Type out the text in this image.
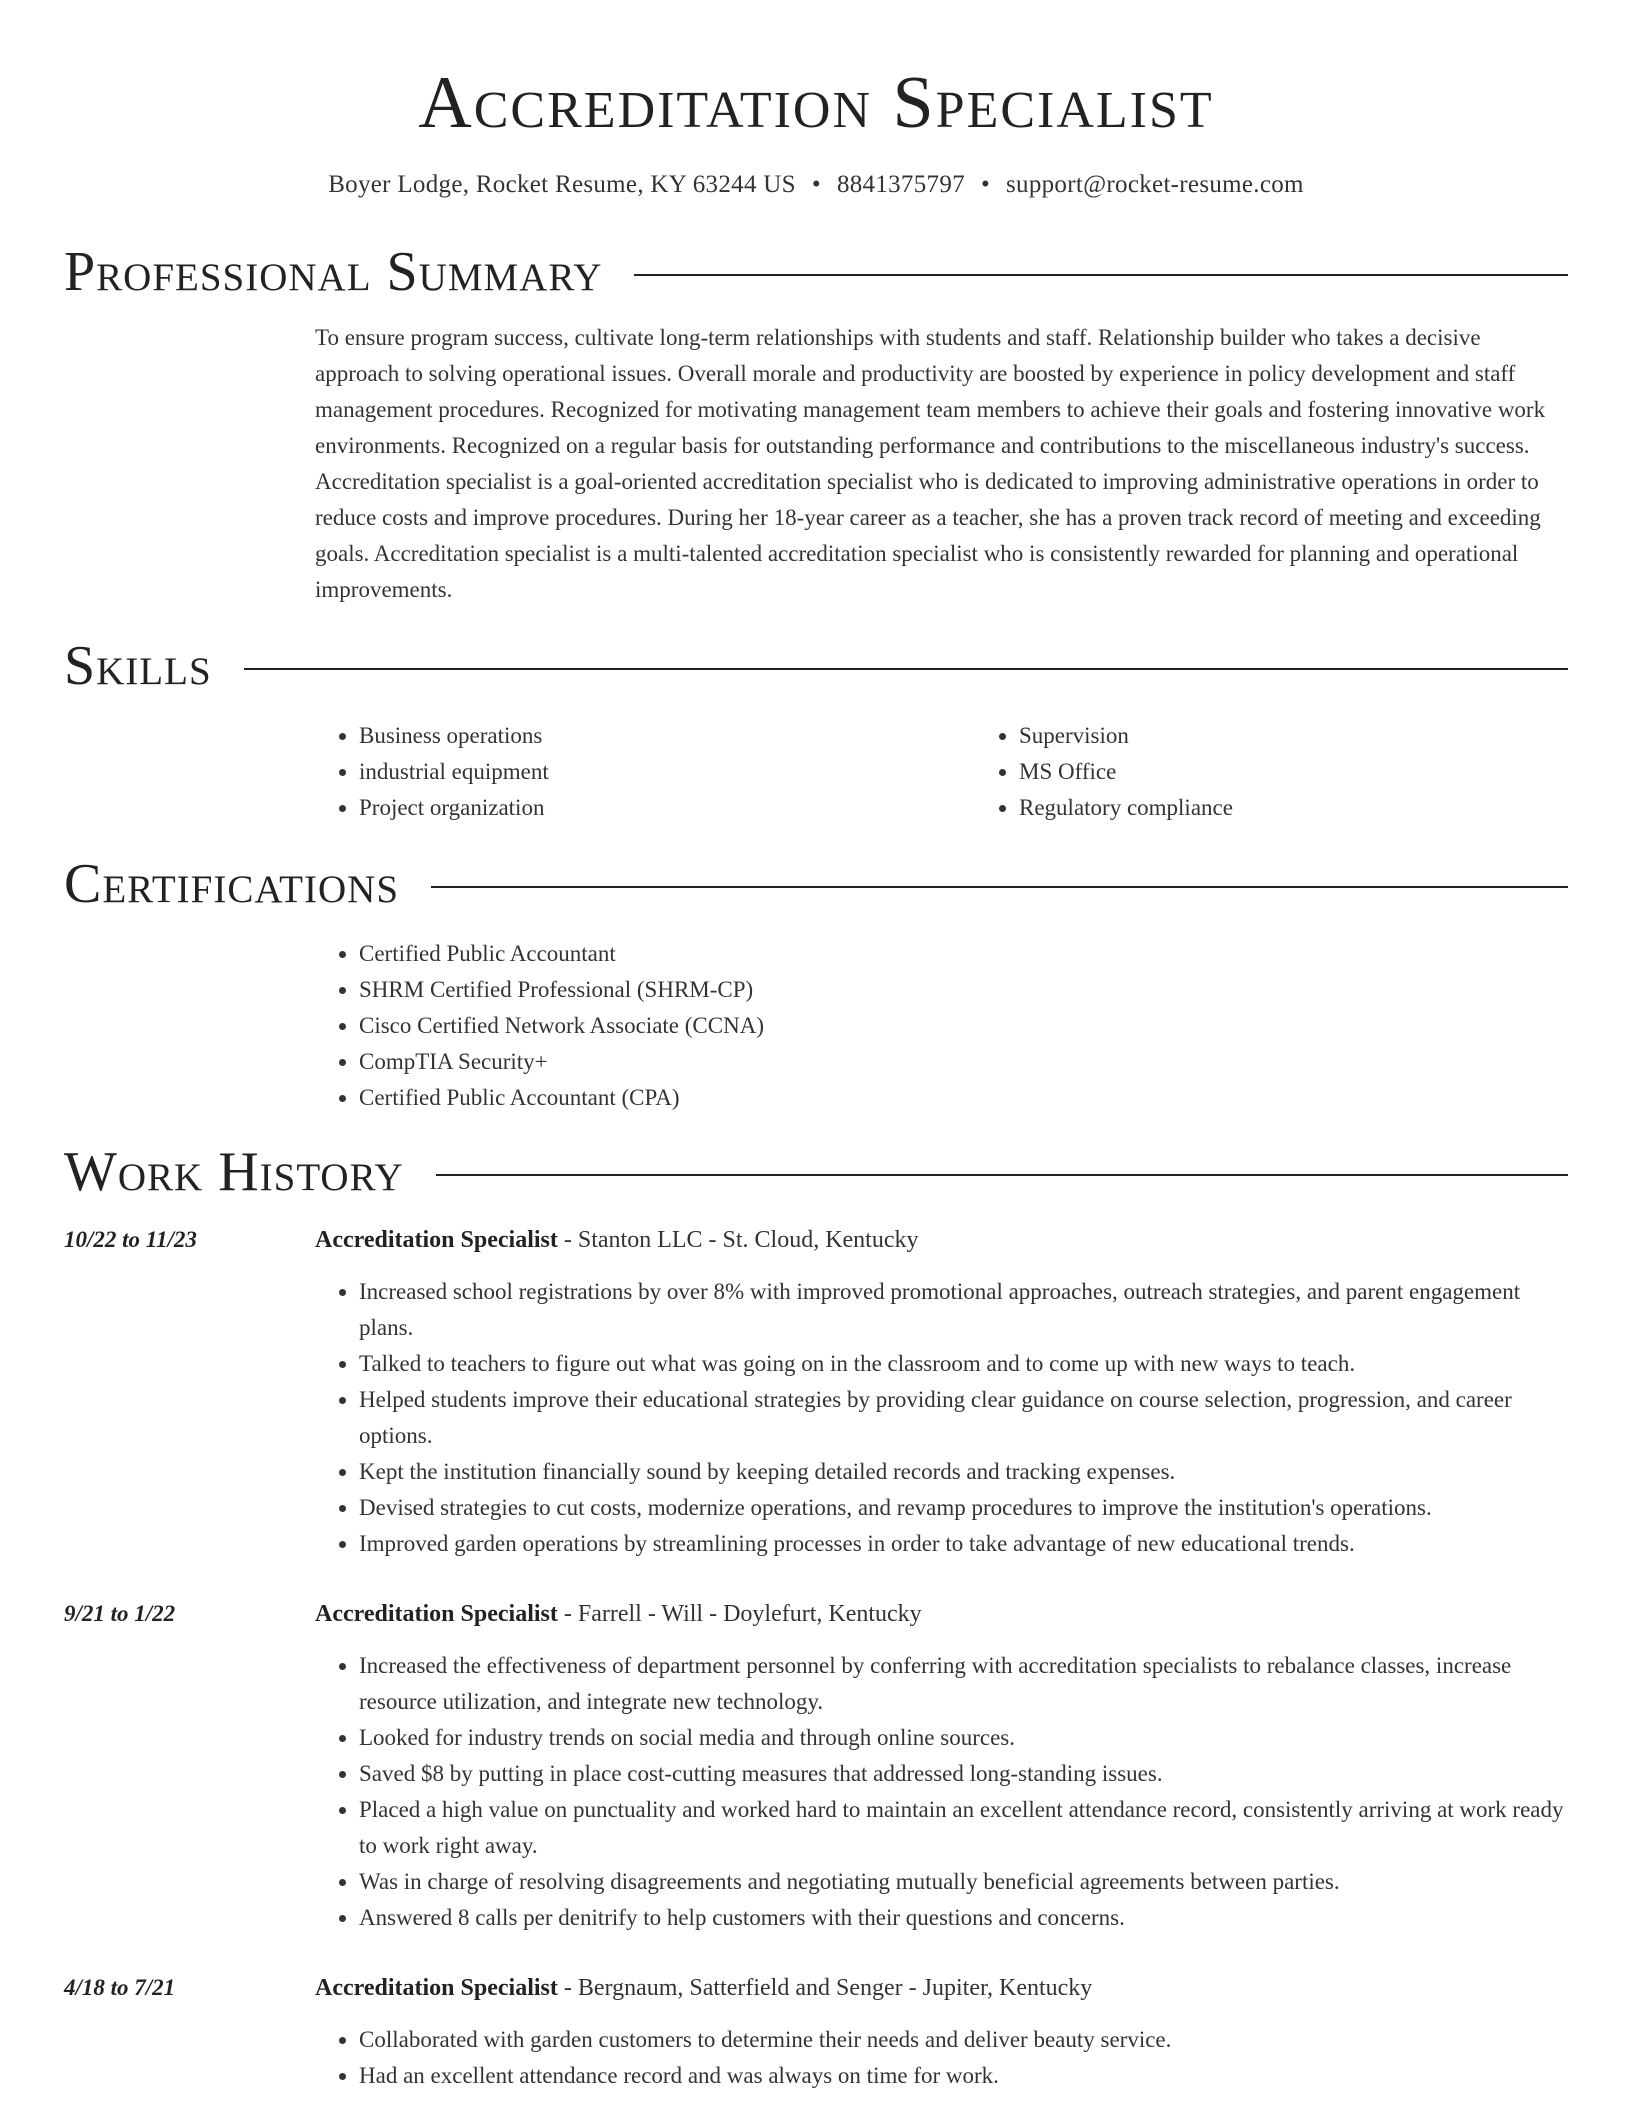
Accreditation Specialist
Boyer Lodge, Rocket Resume, KY 63244 US • 8841375797 • support@rocket-resume.com
Professional Summary
To ensure program success, cultivate long-term relationships with students and staff. Relationship builder who takes a decisive approach to solving operational issues. Overall morale and productivity are boosted by experience in policy development and staff management procedures. Recognized for motivating management team members to achieve their goals and fostering innovative work environments. Recognized on a regular basis for outstanding performance and contributions to the miscellaneous industry's success. Accreditation specialist is a goal-oriented accreditation specialist who is dedicated to improving administrative operations in order to reduce costs and improve procedures. During her 18-year career as a teacher, she has a proven track record of meeting and exceeding goals. Accreditation specialist is a multi-talented accreditation specialist who is consistently rewarded for planning and operational improvements.
Skills
• Business operations
• industrial equipment
• Project organization
• Supervision
• MS Office
• Regulatory compliance
Certifications
• Certified Public Accountant
• SHRM Certified Professional (SHRM-CP)
• Cisco Certified Network Associate (CCNA)
• CompTIA Security+
• Certified Public Accountant (CPA)
Work History
10/22 to 11/23	Accreditation Specialist - Stanton LLC - St. Cloud, Kentucky
• Increased school registrations by over 8% with improved promotional approaches, outreach strategies, and parent engagement plans.
• Talked to teachers to figure out what was going on in the classroom and to come up with new ways to teach.
• Helped students improve their educational strategies by providing clear guidance on course selection, progression, and career options.
• Kept the institution financially sound by keeping detailed records and tracking expenses.
• Devised strategies to cut costs, modernize operations, and revamp procedures to improve the institution's operations.
• Improved garden operations by streamlining processes in order to take advantage of new educational trends.
9/21 to 1/22	Accreditation Specialist - Farrell - Will - Doylefurt, Kentucky
• Increased the effectiveness of department personnel by conferring with accreditation specialists to rebalance classes, increase resource utilization, and integrate new technology.
• Looked for industry trends on social media and through online sources.
• Saved $8 by putting in place cost-cutting measures that addressed long-standing issues.
• Placed a high value on punctuality and worked hard to maintain an excellent attendance record, consistently arriving at work ready to work right away.
• Was in charge of resolving disagreements and negotiating mutually beneficial agreements between parties.
• Answered 8 calls per denitrify to help customers with their questions and concerns.
4/18 to 7/21	Accreditation Specialist - Bergnaum, Satterfield and Senger - Jupiter, Kentucky
• Collaborated with garden customers to determine their needs and deliver beauty service.
• Had an excellent attendance record and was always on time for work.
